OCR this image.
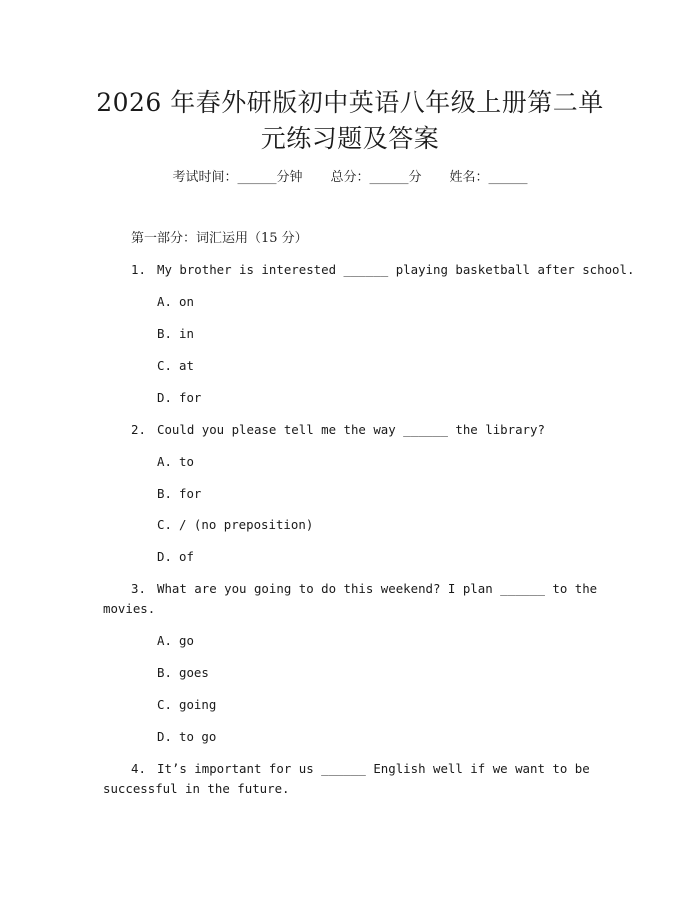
2026 年春外研版初中英语八年级上册第二单
元练习题及答案
考试时间：______分钟 总分：______分 姓名：______
第一部分：词汇运用（15 分）
1. My brother is interested ______ playing basketball after school.
A. on
B. in
C. at
D. for
2. Could you please tell me the way ______ the library?
A. to
B. for
C. / (no preposition)
D. of
3. What are you going to do this weekend? I plan ______ to the
movies.
A. go
B. goes
C. going
D. to go
4. It’s important for us ______ English well if we want to be
successful in the future.
